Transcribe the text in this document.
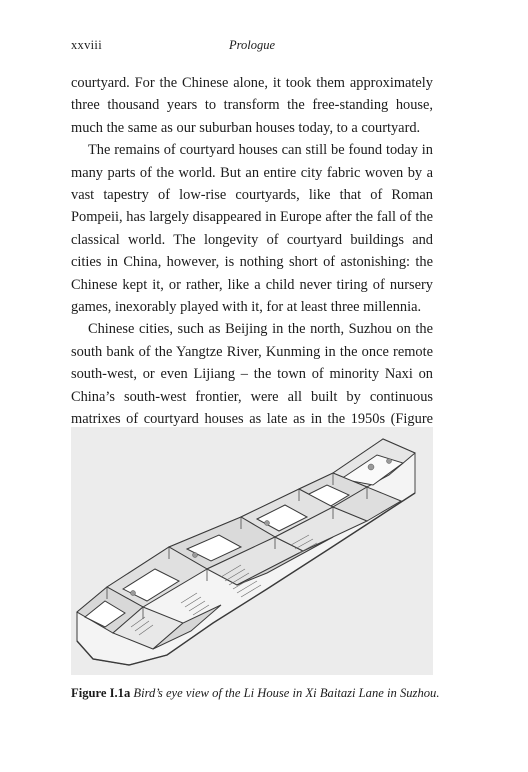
xxviii	Prologue

courtyard. For the Chinese alone, it took them approximately three thousand years to transform the free-standing house, much the same as our suburban houses today, to a courtyard.

The remains of courtyard houses can still be found today in many parts of the world. But an entire city fabric woven by a vast tapestry of low-rise courtyards, like that of Roman Pompeii, has largely disappeared in Europe after the fall of the classical world. The longevity of courtyard buildings and cities in China, however, is nothing short of astonishing: the Chinese kept it, or rather, like a child never tiring of nursery games, inexorably played with it, for at least three millennia.

Chinese cities, such as Beijing in the north, Suzhou on the south bank of the Yangtze River, Kunming in the once remote south-west, or even Lijiang – the town of minority Naxi on China’s south-west frontier, were all built by continuous matrixes of courtyard houses as late as in the 1950s (Figure

Figure I.1a Bird’s eye view of the Li House in Xi Baitazi Lane in Suzhou.
